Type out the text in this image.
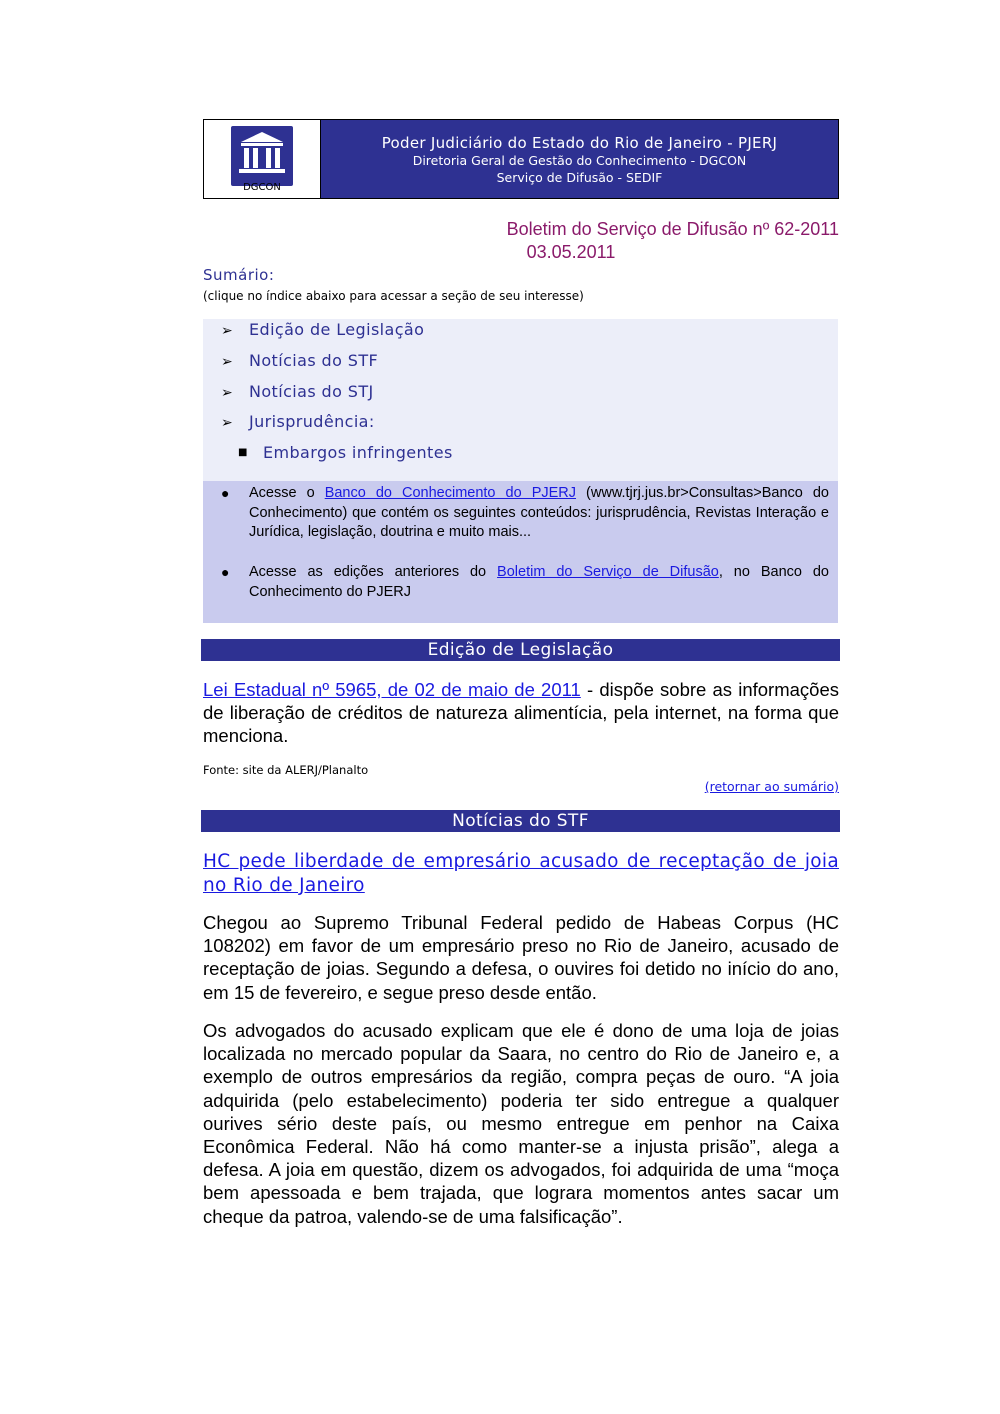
DGCON
Poder Judiciário do Estado do Rio de Janeiro - PJERJ
Diretoria Geral de Gestão do Conhecimento - DGCON
Serviço de Difusão - SEDIF
Boletim do Serviço de Difusão nº 62-2011
03.05.2011
Sumário:
(clique no índice abaixo para acessar a seção de seu interesse)
➢ Edição de Legislação
➢ Notícias do STF
➢ Notícias do STJ
➢ Jurisprudência:
■ Embargos infringentes
● Acesse o Banco do Conhecimento do PJERJ (www.tjrj.jus.br>Consultas>Banco do Conhecimento) que contém os seguintes conteúdos: jurisprudência, Revistas Interação e Jurídica, legislação, doutrina e muito mais...

● Acesse as edições anteriores do Boletim do Serviço de Difusão, no Banco do Conhecimento do PJERJ

Edição de Legislação
Lei Estadual nº 5965, de 02 de maio de 2011 - dispõe sobre as informações de liberação de créditos de natureza alimentícia, pela internet, na forma que menciona.
Fonte: site da ALERJ/Planalto
(retornar ao sumário)
Notícias do STF
HC pede liberdade de empresário acusado de receptação de joia no Rio de Janeiro
Chegou ao Supremo Tribunal Federal pedido de Habeas Corpus (HC 108202) em favor de um empresário preso no Rio de Janeiro, acusado de receptação de joias. Segundo a defesa, o ouvires foi detido no início do ano, em 15 de fevereiro, e segue preso desde então.
Os advogados do acusado explicam que ele é dono de uma loja de joias localizada no mercado popular da Saara, no centro do Rio de Janeiro e, a exemplo de outros empresários da região, compra peças de ouro. “A joia adquirida (pelo estabelecimento) poderia ter sido entregue a qualquer ourives sério deste país, ou mesmo entregue em penhor na Caixa Econômica Federal. Não há como manter-se a injusta prisão”, alega a defesa. A joia em questão, dizem os advogados, foi adquirida de uma “moça bem apessoada e bem trajada, que lograra momentos antes sacar um cheque da patroa, valendo-se de uma falsificação”.
